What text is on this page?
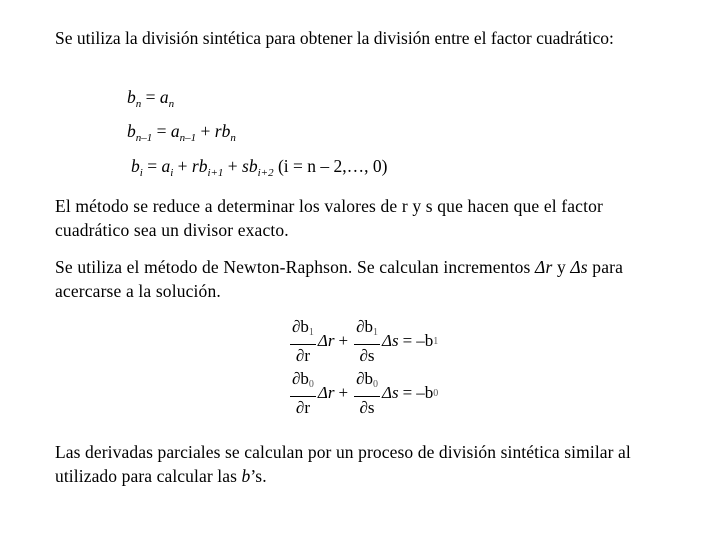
Se utiliza la división sintética para obtener la división entre el factor cuadrático:
$b_n = a_n$
$b_{n-1} = a_{n-1} + rb_n$
$b_i = a_i + rb_{i+1} + sb_{i+2}$ (i = n – 2,…, 0)
El método se reduce a determinar los valores de r y s que hacen que el factor cuadrático sea un divisor exacto.
Se utiliza el método de Newton-Raphson. Se calculan incrementos Δr y Δs para acercarse a la solución.
$\frac{\partial b1}{\partial r}$ $\Delta r + \frac{\partial b1}{\partial s}$ Δs = –b 1
$\frac{\partial b0}{\partial r}$ $\Delta r + \frac{\partial b0}{\partial s}$ Δs = –b 0
Las derivadas parciales se calculan por un proceso de división sintética similar al utilizado para calcular las b’s.
